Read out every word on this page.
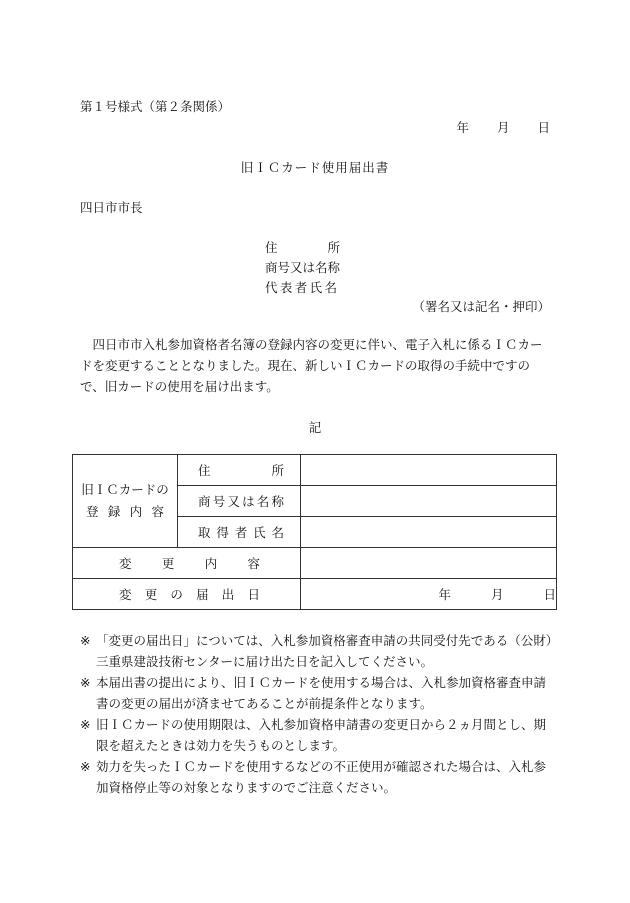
第１号様式（第２条関係）
年 月 日
旧ＩＣカード使用届出書
四日市市長
住所
商号又は名称
代表者氏名
（署名又は記名・押印）
四日市市入札参加資格者名簿の登録内容の変更に伴い、電子入札に係るＩＣカードを変更することとなりました。現在、新しいＩＣカードの取得の手続中ですので、旧カードの使用を届け出ます。
記
旧ＩＣカードの
登録内容	住所	

	商号又は名称	

	取得者氏名	

変更内容		

変更の届出日		年 月 日
※ 「変更の届出日」については、入札参加資格審査申請の共同受付先である（公財）三重県建設技術センターに届け出た日を記入してください。
※ 本届出書の提出により、旧ＩＣカードを使用する場合は、入札参加資格審査申請書の変更の届出が済ませてあることが前提条件となります。
※ 旧ＩＣカードの使用期限は、入札参加資格申請書の変更日から２ヵ月間とし、期限を超えたときは効力を失うものとします。
※ 効力を失ったＩＣカードを使用するなどの不正使用が確認された場合は、入札参加資格停止等の対象となりますのでご注意ください。
